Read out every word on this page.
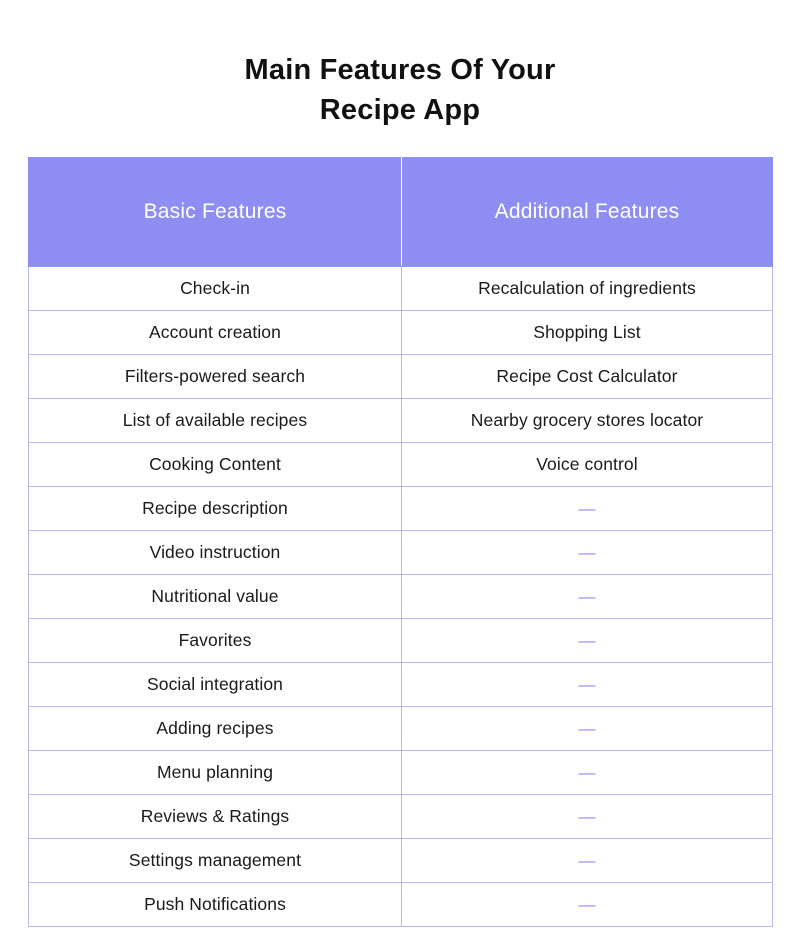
Main Features Of Your
Recipe App
Basic Features	Additional Features
Check-in	Recalculation of ingredients
Account creation	Shopping List
Filters-powered search	Recipe Cost Calculator
List of available recipes	Nearby grocery stores locator
Cooking Content	Voice control
Recipe description	—
Video instruction	—
Nutritional value	—
Favorites	—
Social integration	—
Adding recipes	—
Menu planning	—
Reviews & Ratings	—
Settings management	—
Push Notifications	—
